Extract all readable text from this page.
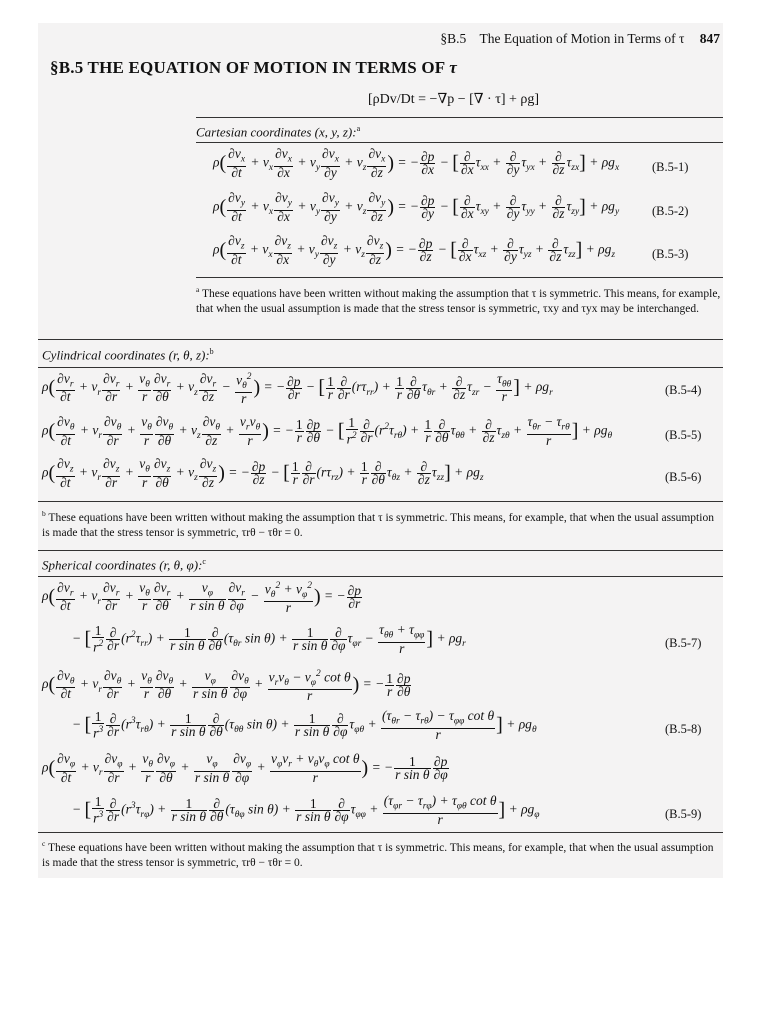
§B.5 The Equation of Motion in Terms of τ 847
§B.5 THE EQUATION OF MOTION IN TERMS OF τ
[ρDv/Dt = −∇p − [∇ · τ] + ρg]
Cartesian coordinates (x, y, z):$^a$
$\rho( \frac{\partial v_x}{\partial t} + v_x \frac{\partial v_x}{\partial x} + v_y \frac{\partial v_x}{\partial y} + v_z \frac{\partial v_x}{\partial z}$ ) = − $\frac{\partial p}{\partial x}$ − [ $\frac{\partial}{\partial x} \tau_{xx} + \frac{\partial}{\partial y} \tau_{yx} + \frac{\partial}{\partial z} \tau_{zx}] + \rho g_x$	(B.5-1)
$\rho( \frac{\partial v_y}{\partial t} + v_x \frac{\partial v_y}{\partial x} + v_y \frac{\partial v_y}{\partial y} + v_z \frac{\partial v_y}{\partial z}$ ) = − $\frac{\partial p}{\partial y}$ − [ $\frac{\partial}{\partial x} \tau_{xy} + \frac{\partial}{\partial y} \tau_{yy} + \frac{\partial}{\partial z} \tau_{zy}] + \rho g_y$	(B.5-2)
$\rho( \frac{\partial v_z}{\partial t} + v_x \frac{\partial v_z}{\partial x} + v_y \frac{\partial v_z}{\partial y} + v_z \frac{\partial v_z}{\partial z}$ ) = − $\frac{\partial p}{\partial z}$ − [ $\frac{\partial}{\partial x} \tau_{xz} + \frac{\partial}{\partial y} \tau_{yz} + \frac{\partial}{\partial z} \tau_{zz}] + \rho g_z$	(B.5-3)
$^a$ These equations have been written without making the assumption that τ is symmetric. This means, for example, that when the usual assumption is made that the stress tensor is symmetric, τxy and τyx may be interchanged.
Cylindrical coordinates (r, θ, z):$^b$
$\rho( \frac{\partial v_r}{\partial t} + v_r \frac{\partial v_r}{\partial r} + \frac{v_\theta}{r} \frac{\partial v_r}{\partial\theta} + v_z \frac{\partial v_r}{\partial z} - \frac{v_\theta^2}{r}$ ) = − $\frac{\partial p}{\partial r}$ − [ $\frac{1}{r} \frac{\partial}{\partial r} (r\tau_{rr}) + \frac{1}{r} \frac{\partial}{\partial\theta} \tau_{\theta r} + \frac{\partial}{\partial z} \tau_{zr} - \frac{\tau_{\theta\theta}}{r}$ ] + $\rho g_r$	(B.5-4)
$\rho( \frac{\partial v_\theta}{\partial t} + v_r \frac{\partial v_\theta}{\partial r} + \frac{v_\theta}{r} \frac{\partial v_\theta}{\partial\theta} + v_z \frac{\partial v_\theta}{\partial z} + \frac{v_rv_\theta}{r}$ ) = − $\frac{1}{r} \frac{\partial p}{\partial\theta}$ − [ $\frac{1}{r^2} \frac{\partial}{\partial r} (r^2\tau_{r\theta}) + \frac{1}{r} \frac{\partial}{\partial\theta} \tau_{\theta\theta} + \frac{\partial}{\partial z} \tau_{z\theta} + \frac{\tau_{\theta r} - \tau_{r\theta}}{r}$ ] + $\rho g_\theta$	(B.5-5)
$\rho( \frac{\partial v_z}{\partial t} + v_r \frac{\partial v_z}{\partial r} + \frac{v_\theta}{r} \frac{\partial v_z}{\partial\theta} + v_z \frac{\partial v_z}{\partial z}$ ) = − $\frac{\partial p}{\partial z}$ − [ $\frac{1}{r} \frac{\partial}{\partial r} (r\tau_{rz}) + \frac{1}{r} \frac{\partial}{\partial\theta} \tau_{\theta z} + \frac{\partial}{\partial z} \tau_{zz}] + \rho g_z$	(B.5-6)
$^b$ These equations have been written without making the assumption that τ is symmetric. This means, for example, that when the usual assumption is made that the stress tensor is symmetric, τrθ − τθr = 0.
Spherical coordinates (r, θ, φ):$^c$
$\rho( \frac{\partial v_r}{\partial t} + v_r \frac{\partial v_r}{\partial r} + \frac{v_\theta}{r} \frac{\partial v_r}{\partial\theta} + \frac{v_\varphi}{\text{r sin θ}} \frac{\partial v_r}{\partial\varphi} - \frac{v_\theta^2 + v_\varphi^2}{r}$ ) = − $\frac{\partial p}{\partial r}$
− [ $\frac{1}{r^2} \frac{\partial}{\partial r} (r^2\tau_{rr}) + \frac{1}{\text{r sin θ}} \frac{\partial}{\partial\theta} (\tau_{\theta r}$ $\sin \theta) + \frac{1}{\text{r sin θ}} \frac{\partial}{\partial\varphi} \tau_{\varphi r} - \frac{\tau_{\theta\theta} + \tau_{\varphi\varphi}}{r}$ ] + $\rho g_r$	(B.5-7)
$\rho( \frac{\partial v_\theta}{\partial t} + v_r \frac{\partial v_\theta}{\partial r} + \frac{v_\theta}{r} \frac{\partial v_\theta}{\partial\theta} + \frac{v_\varphi}{\text{r sin θ}} \frac{\partial v_\theta}{\partial\varphi} + \frac{v_rv_\theta - v_\varphi^2 \cot \theta}{r}$ ) = − $\frac{1}{r} \frac{\partial p}{\partial\theta}$
− [ $\frac{1}{r^3} \frac{\partial}{\partial r} (r^3\tau_{r\theta}) + \frac{1}{\text{r sin θ}} \frac{\partial}{\partial\theta} (\tau_{\theta\theta}$ $\sin \theta) + \frac{1}{\text{r sin θ}} \frac{\partial}{\partial\varphi} \tau_{\varphi\theta} + \frac{(\tau_{\theta r} - \tau_{r\theta}) - \tau_{\varphi\varphi} \cot \theta}{r}$ ] + $\rho g_\theta$	(B.5-8)
$\rho( \frac{\partial v_\varphi}{\partial t} + v_r \frac{\partial v_\varphi}{\partial r} + \frac{v_\theta}{r} \frac{\partial v_\varphi}{\partial\theta} + \frac{v_\varphi}{\text{r sin θ}} \frac{\partial v_\varphi}{\partial\varphi} + \frac{v_\varphi v_r + v_\theta v_\varphi \cot \theta}{r}$ ) = − $\frac{1}{\text{r sin θ}} \frac{\partial p}{\partial\varphi}$
− [ $\frac{1}{r^3} \frac{\partial}{\partial r} (r^3\tau_{r\varphi}) + \frac{1}{\text{r sin θ}} \frac{\partial}{\partial\theta} (\tau_{\theta\varphi}$ $\sin \theta) + \frac{1}{\text{r sin θ}} \frac{\partial}{\partial\varphi} \tau_{\varphi\varphi} + \frac{(\tau_{\varphi r} - \tau_{r\varphi}) + \tau_{\varphi\theta} \cot \theta}{r}$ ] + $\rho g_\varphi$	(B.5-9)
$^c$ These equations have been written without making the assumption that τ is symmetric. This means, for example, that when the usual assumption is made that the stress tensor is symmetric, τrθ − τθr = 0.
